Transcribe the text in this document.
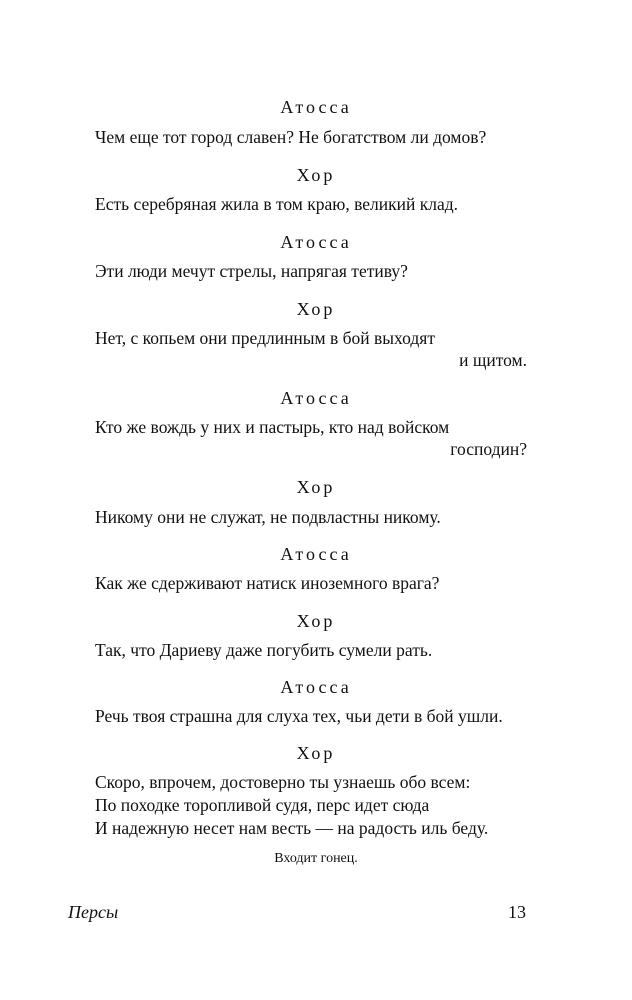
Атосса
Чем еще тот город славен? Не богатством ли домов?
Хор
Есть серебряная жила в том краю, великий клад.
Атосса
Эти люди мечут стрелы, напрягая тетиву?
Хор
Нет, с копьем они предлинным в бой выходят
и щитом.
Атосса
Кто же вождь у них и пастырь, кто над войском
господин?
Хор
Никому они не служат, не подвластны никому.
Атосса
Как же сдерживают натиск иноземного врага?
Хор
Так, что Дариеву даже погубить сумели рать.
Атосса
Речь твоя страшна для слуха тех, чьи дети в бой ушли.
Хор
Скоро, впрочем, достоверно ты узнаешь обо всем:
По походке торопливой судя, перс идет сюда
И надежную несет нам весть — на радость иль беду.
Входит гонец.
Персы	13
